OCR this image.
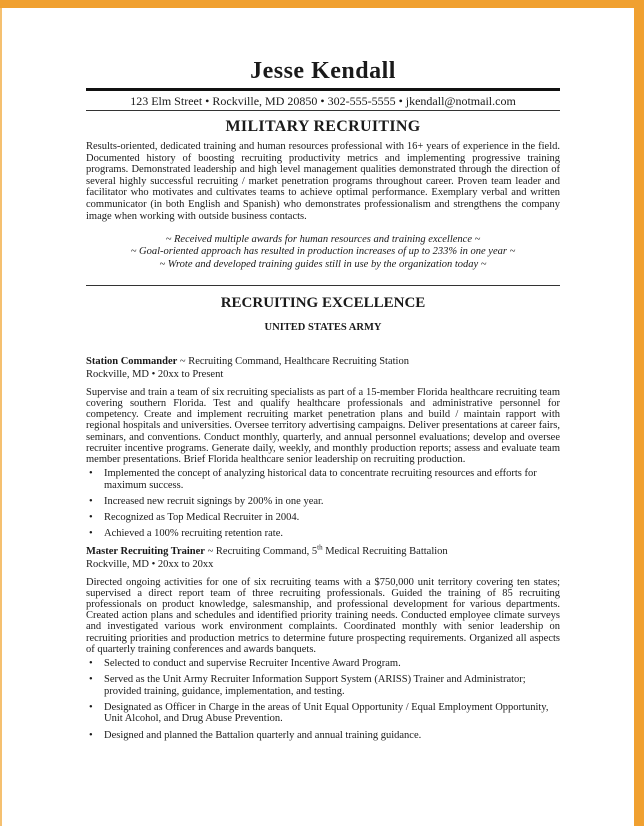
Jesse Kendall
123 Elm Street • Rockville, MD 20850 • 302-555-5555 • jkendall@notmail.com
MILITARY RECRUITING

Results-oriented, dedicated training and human resources professional with 16+ years of experience in the field. Documented history of boosting recruiting productivity metrics and implementing progressive training programs. Demonstrated leadership and high level management qualities demonstrated through the direction of several highly successful recruiting / market penetration programs throughout career. Proven team leader and facilitator who motivates and cultivates teams to achieve optimal performance. Exemplary verbal and written communicator (in both English and Spanish) who demonstrates professionalism and strengthens the company image when working with outside business contacts.

~ Received multiple awards for human resources and training excellence ~
~ Goal-oriented approach has resulted in production increases of up to 233% in one year ~
~ Wrote and developed training guides still in use by the organization today ~
RECRUITING EXCELLENCE
UNITED STATES ARMY
Station Commander ~ Recruiting Command, Healthcare Recruiting Station
Rockville, MD • 20xx to Present
Supervise and train a team of six recruiting specialists as part of a 15-member Florida healthcare recruiting team covering southern Florida. Test and qualify healthcare professionals and administrative personnel for competency. Create and implement recruiting market penetration plans and build / maintain rapport with regional hospitals and universities. Oversee territory advertising campaigns. Deliver presentations at career fairs, seminars, and conventions. Conduct monthly, quarterly, and annual personnel evaluations; develop and oversee recruiter incentive programs. Generate daily, weekly, and monthly production reports; assess and evaluate team member presentations. Brief Florida healthcare senior leadership on recruiting production.
• Implemented the concept of analyzing historical data to concentrate recruiting resources and efforts for maximum success.
• Increased new recruit signings by 200% in one year.
• Recognized as Top Medical Recruiter in 2004.
• Achieved a 100% recruiting retention rate.
Master Recruiting Trainer ~ Recruiting Command, 5th Medical Recruiting Battalion
Rockville, MD • 20xx to 20xx
Directed ongoing activities for one of six recruiting teams with a $750,000 unit territory covering ten states; supervised a direct report team of three recruiting professionals. Guided the training of 85 recruiting professionals on product knowledge, salesmanship, and professional development for various departments. Created action plans and schedules and identified priority training needs. Conducted employee climate surveys and investigated various work environment complaints. Coordinated monthly with senior leadership on recruiting priorities and production metrics to determine future prospecting requirements. Organized all aspects of quarterly training conferences and awards banquets.
• Selected to conduct and supervise Recruiter Incentive Award Program.
• Served as the Unit Army Recruiter Information Support System (ARISS) Trainer and Administrator; provided training, guidance, implementation, and testing.
• Designated as Officer in Charge in the areas of Unit Equal Opportunity / Equal Employment Opportunity, Unit Alcohol, and Drug Abuse Prevention.
• Designed and planned the Battalion quarterly and annual training guidance.
